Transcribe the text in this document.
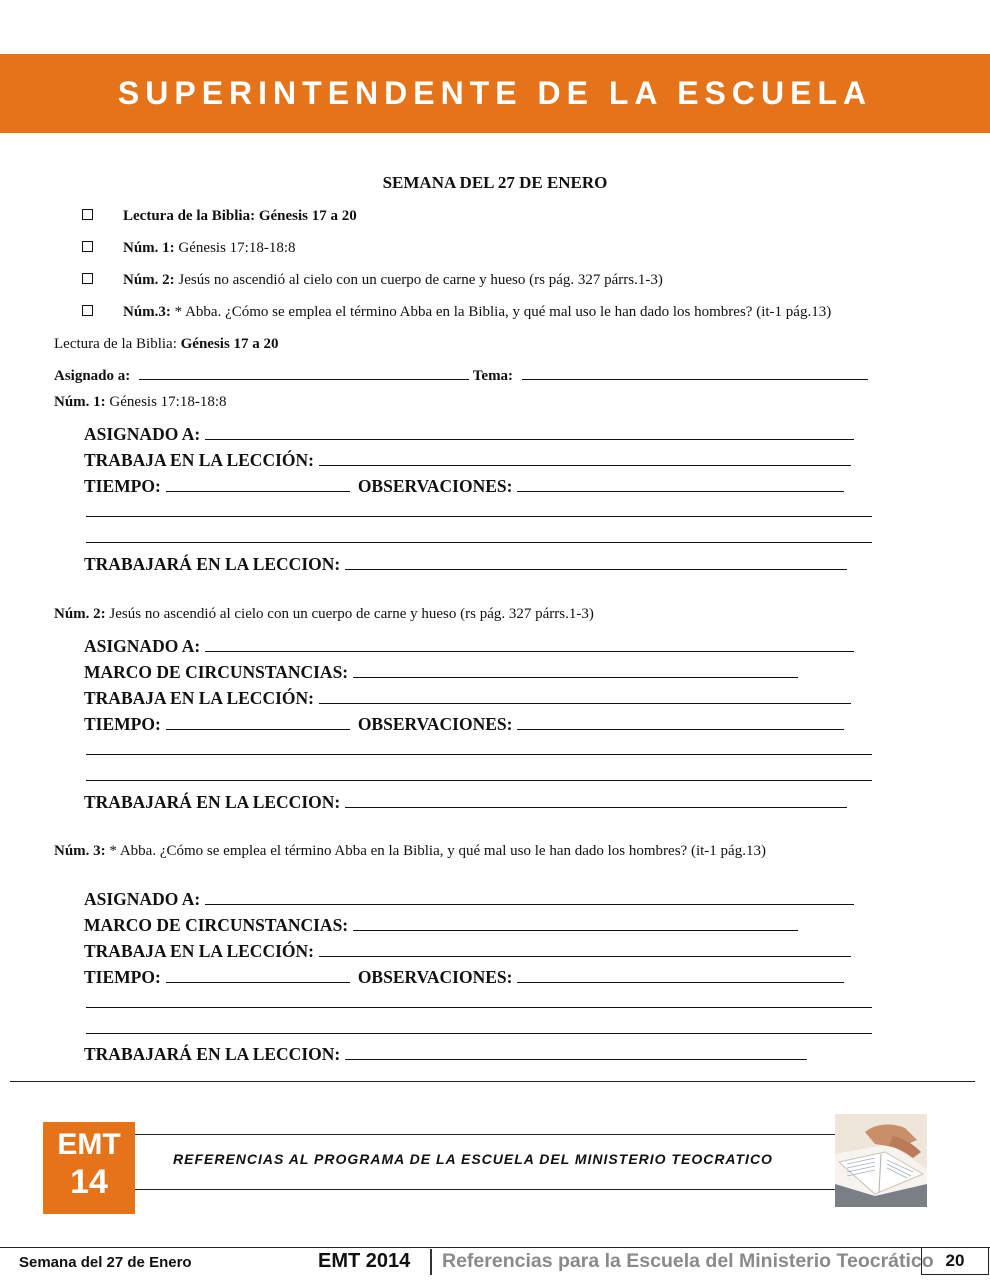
SUPERINTENDENTE DE LA ESCUELA
SEMANA DEL 27 DE ENERO
Lectura de la Biblia: Génesis 17 a 20
Núm. 1: Génesis 17:18-18:8
Núm. 2: Jesús no ascendió al cielo con un cuerpo de carne y hueso (rs pág. 327 párrs.1-3)
Núm.3: * Abba. ¿Cómo se emplea el término Abba en la Biblia, y qué mal uso le han dado los hombres? (it-1 pág.13)
Lectura de la Biblia: Génesis 17 a 20
Asignado a:	Tema:
Núm. 1: Génesis 17:18-18:8
ASIGNADO A:
TRABAJA EN LA LECCIÓN:
TIEMPO:	OBSERVACIONES:
TRABAJARÁ EN LA LECCION:
Núm. 2: Jesús no ascendió al cielo con un cuerpo de carne y hueso (rs pág. 327 párrs.1-3)
ASIGNADO A:
MARCO DE CIRCUNSTANCIAS:
TRABAJA EN LA LECCIÓN:
TIEMPO:	OBSERVACIONES:
TRABAJARÁ EN LA LECCION:
Núm. 3: * Abba. ¿Cómo se emplea el término Abba en la Biblia, y qué mal uso le han dado los hombres? (it-1 pág.13)
ASIGNADO A:
MARCO DE CIRCUNSTANCIAS:
TRABAJA EN LA LECCIÓN:
TIEMPO:	OBSERVACIONES:
TRABAJARÁ EN LA LECCION:
EMT
14
REFERENCIAS AL PROGRAMA DE LA ESCUELA DEL MINISTERIO TEOCRATICO
Semana del 27 de Enero	EMT 2014 Referencias para la Escuela del Ministerio Teocrático 20
